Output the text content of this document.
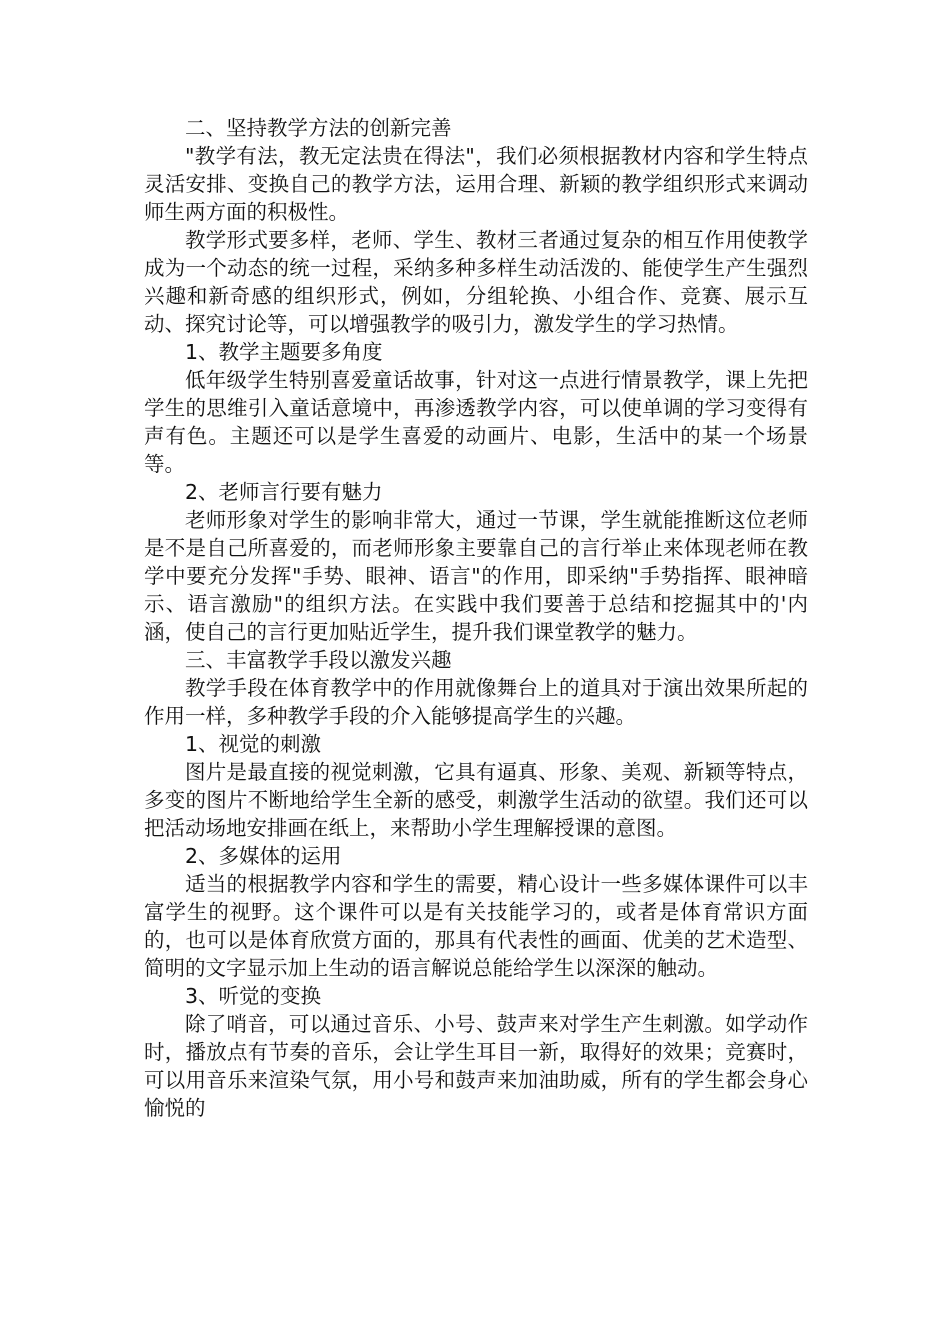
二、坚持教学方法的创新完善

"教学有法，教无定法贵在得法"，我们必须根据教材内容和学生特点灵活安排、变换自己的教学方法，运用合理、新颖的教学组织形式来调动师生两方面的积极性。

教学形式要多样，老师、学生、教材三者通过复杂的相互作用使教学成为一个动态的统一过程，采纳多种多样生动活泼的、能使学生产生强烈兴趣和新奇感的组织形式，例如，分组轮换、小组合作、竞赛、展示互动、探究讨论等，可以增强教学的吸引力，激发学生的学习热情。

1、教学主题要多角度

低年级学生特别喜爱童话故事，针对这一点进行情景教学，课上先把学生的思维引入童话意境中，再渗透教学内容，可以使单调的学习变得有声有色。主题还可以是学生喜爱的动画片、电影，生活中的某一个场景等。

2、老师言行要有魅力

老师形象对学生的影响非常大，通过一节课，学生就能推断这位老师是不是自己所喜爱的，而老师形象主要靠自己的言行举止来体现老师在教学中要充分发挥"手势、眼神、语言"的作用，即采纳"手势指挥、眼神暗示、语言激励"的组织方法。在实践中我们要善于总结和挖掘其中的'内涵，使自己的言行更加贴近学生，提升我们课堂教学的魅力。

三、丰富教学手段以激发兴趣

教学手段在体育教学中的作用就像舞台上的道具对于演出效果所起的作用一样，多种教学手段的介入能够提高学生的兴趣。

1、视觉的刺激

图片是最直接的视觉刺激，它具有逼真、形象、美观、新颖等特点，多变的图片不断地给学生全新的感受，刺激学生活动的欲望。我们还可以把活动场地安排画在纸上，来帮助小学生理解授课的意图。

2、多媒体的运用

适当的根据教学内容和学生的需要，精心设计一些多媒体课件可以丰富学生的视野。这个课件可以是有关技能学习的，或者是体育常识方面的，也可以是体育欣赏方面的，那具有代表性的画面、优美的艺术造型、简明的文字显示加上生动的语言解说总能给学生以深深的触动。

3、听觉的变换

除了哨音，可以通过音乐、小号、鼓声来对学生产生刺激。如学动作时，播放点有节奏的音乐，会让学生耳目一新，取得好的效果；竞赛时，可以用音乐来渲染气氛，用小号和鼓声来加油助威，所有的学生都会身心愉悦的
